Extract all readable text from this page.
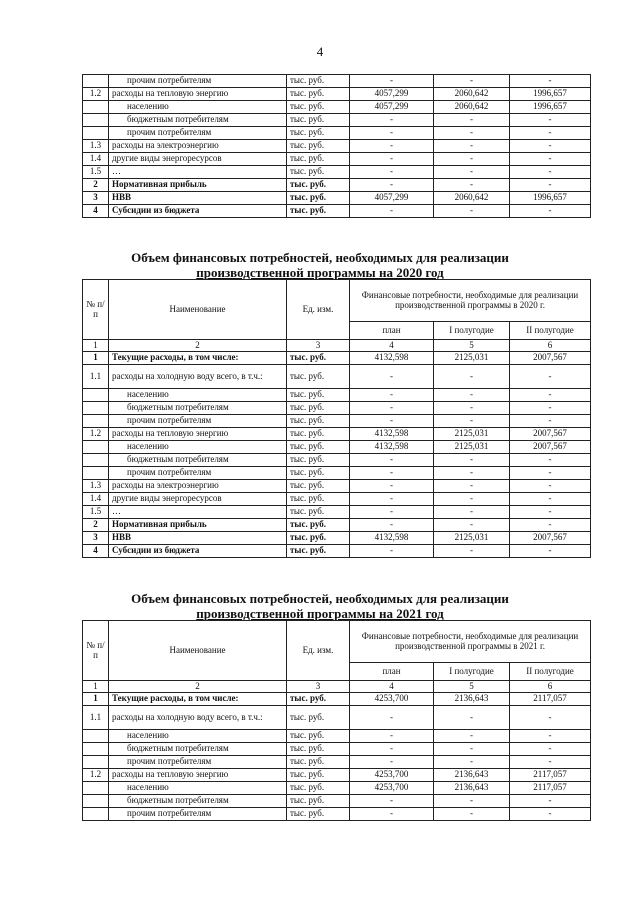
4
	прочим потребителям	тыс. руб.	-	-	-
1.2	расходы на тепловую энергию	тыс. руб.	4057,299	2060,642	1996,657
	населению	тыс. руб.	4057,299	2060,642	1996,657
	бюджетным потребителям	тыс. руб.	-	-	-
	прочим потребителям	тыс. руб.	-	-	-
1.3	расходы на электроэнергию	тыс. руб.	-	-	-
1.4	другие виды энергоресурсов	тыс. руб.	-	-	-
1.5	…	тыс. руб.	-	-	-
2	Нормативная прибыль	тыс. руб.	-	-	-
3	НВВ	тыс. руб.	4057,299	2060,642	1996,657
4	Субсидии из бюджета	тыс. руб.	-	-	-
Объем финансовых потребностей, необходимых для реализации
производственной программы на 2020 год
№ п/п	Наименование	Ед. изм.	Финансовые потребности, необходимые для реализации производственной программы в 2020 г.		
			план	I полугодие	II полугодие
1	2	3	4	5	6
1	Текущие расходы, в том числе:	тыс. руб.	4132,598	2125,031	2007,567
1.1	расходы на холодную воду всего, в т.ч.:	тыс. руб.	-	-	-
	населению	тыс. руб.	-	-	-
	бюджетным потребителям	тыс. руб.	-	-	-
	прочим потребителям	тыс. руб.	-	-	-
1.2	расходы на тепловую энергию	тыс. руб.	4132,598	2125,031	2007,567
	населению	тыс. руб.	4132,598	2125,031	2007,567
	бюджетным потребителям	тыс. руб.	-	-	-
	прочим потребителям	тыс. руб.	-	-	-
1.3	расходы на электроэнергию	тыс. руб.	-	-	-
1.4	другие виды энергоресурсов	тыс. руб.	-	-	-
1.5	…	тыс. руб.	-	-	-
2	Нормативная прибыль	тыс. руб.	-	-	-
3	НВВ	тыс. руб.	4132,598	2125,031	2007,567
4	Субсидии из бюджета	тыс. руб.	-	-	-
Объем финансовых потребностей, необходимых для реализации
производственной программы на 2021 год
№ п/п	Наименование	Ед. изм.	Финансовые потребности, необходимые для реализации производственной программы в 2021 г.		
			план	I полугодие	II полугодие
1	2	3	4	5	6
1	Текущие расходы, в том числе:	тыс. руб.	4253,700	2136,643	2117,057
1.1	расходы на холодную воду всего, в т.ч.:	тыс. руб.	-	-	-
	населению	тыс. руб.	-	-	-
	бюджетным потребителям	тыс. руб.	-	-	-
	прочим потребителям	тыс. руб.	-	-	-
1.2	расходы на тепловую энергию	тыс. руб.	4253,700	2136,643	2117,057
	населению	тыс. руб.	4253,700	2136,643	2117,057
	бюджетным потребителям	тыс. руб.	-	-	-
	прочим потребителям	тыс. руб.	-	-	-
